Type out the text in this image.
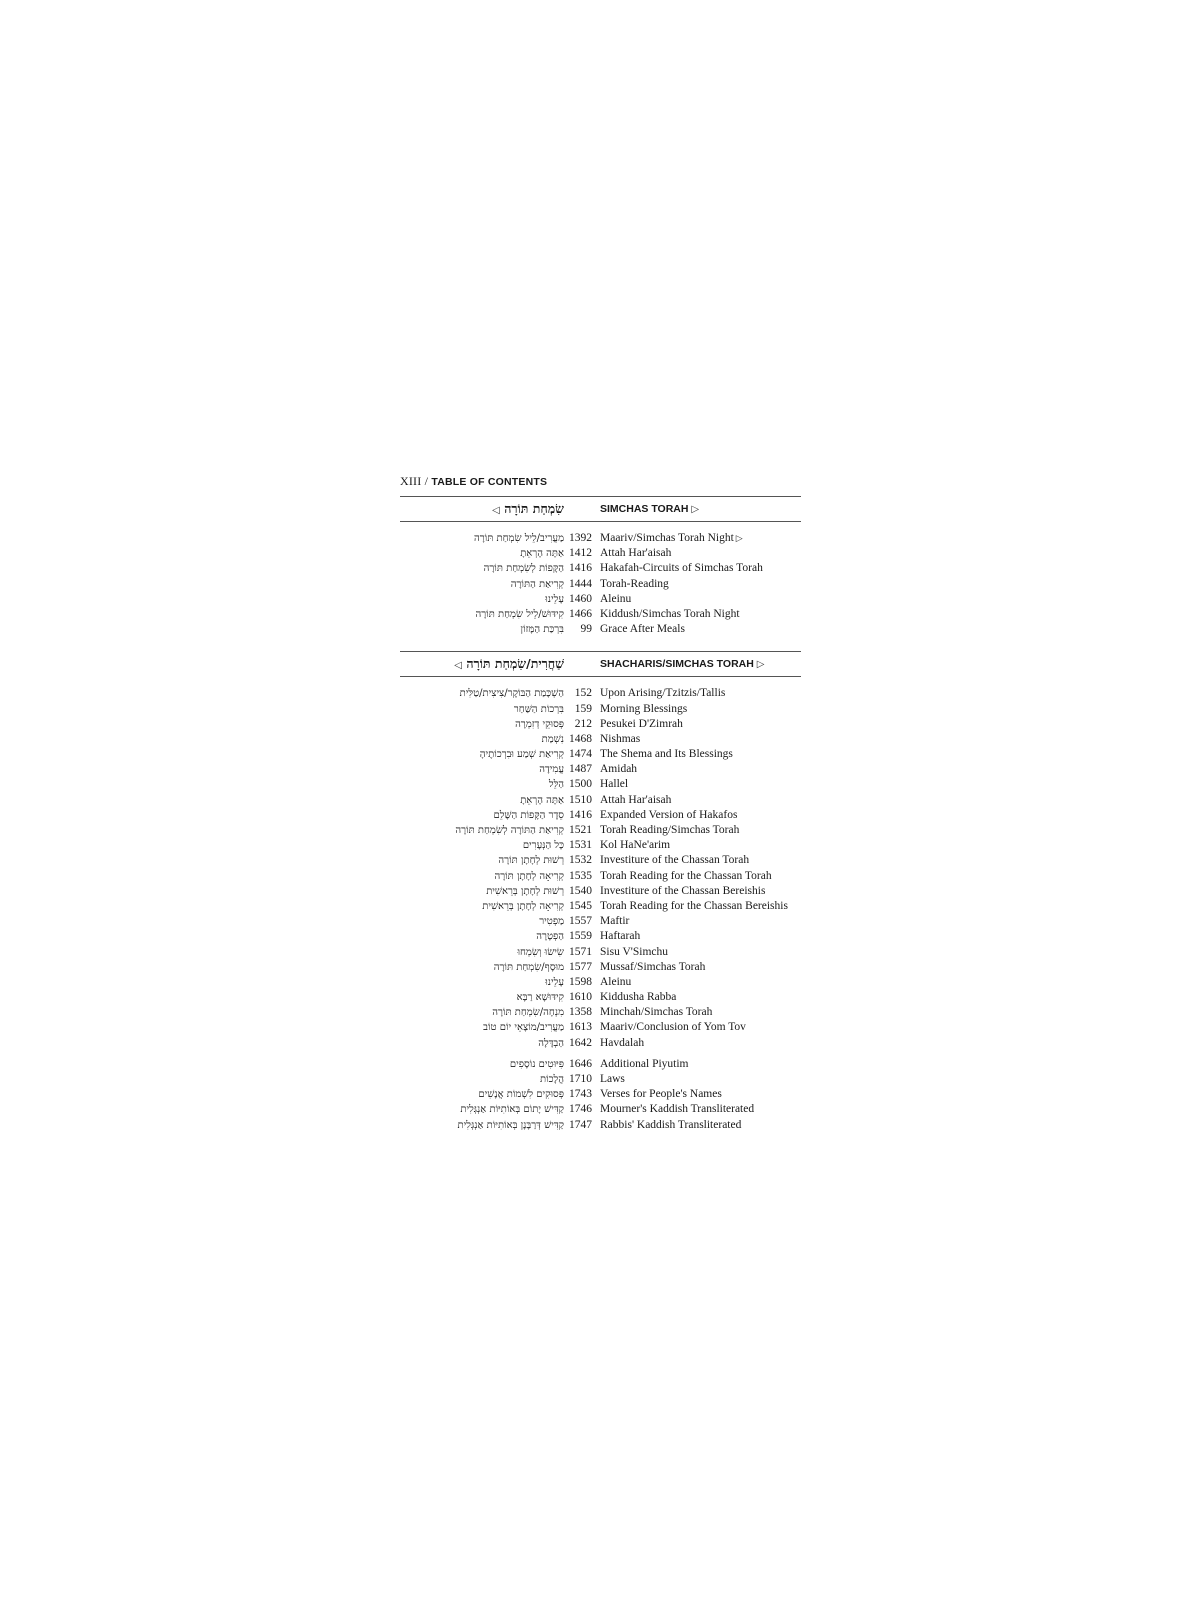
XIII / TABLE OF CONTENTS
שִׂמְחַת תּוֹרָה ◁	SIMCHAS TORAH ▷
מַעֲרִיב/לֵיל שִׂמְחַת תּוֹרָה 1392 Maariv/Simchas Torah Night ▷
אַתָּה הָרְאֵתָ 1412 Attah Har'aisah
הַקָּפוֹת לְשִׂמְחַת תּוֹרָה 1416 Hakafah-Circuits of Simchas Torah
קְרִיאַת הַתּוֹרָה 1444 Torah-Reading
עָלֵינוּ 1460 Aleinu
קִידּוּשׁ/לֵיל שִׂמְחַת תּוֹרָה 1466 Kiddush/Simchas Torah Night
בִּרְכַּת הַמָּזוֹן 99 Grace After Meals
שַׁחֲרִית/שִׂמְחַת תּוֹרָה ◁	SHACHARIS/SIMCHAS TORAH ▷
הַשְׁכָּמַת הַבּוֹקֶר/צִיצִית/טַלִּית 152 Upon Arising/Tzitzis/Tallis
בִּרְכוֹת הַשַּׁחַר 159 Morning Blessings
פְּסוּקֵי דְזִמְרָה 212 Pesukei D'Zimrah
נִשְׁמַת 1468 Nishmas
קְרִיאַת שְׁמַע וּבִרְכוֹתֶיהָ 1474 The Shema and Its Blessings
עֲמִידָה 1487 Amidah
הַלֵּל 1500 Hallel
אַתָּה הָרְאֵתָ 1510 Attah Har'aisah
סֵדֶר הַקָּפוֹת הַשָּׁלֵם 1416 Expanded Version of Hakafos
קְרִיאַת הַתּוֹרָה לְשִׂמְחַת תּוֹרָה 1521 Torah Reading/Simchas Torah
כָּל הַנְּעָרִים 1531 Kol HaNe'arim
רְשׁוּת לְחָתָן תּוֹרָה 1532 Investiture of the Chassan Torah
קְרִיאָה לְחָתָן תּוֹרָה 1535 Torah Reading for the Chassan Torah
רְשׁוּת לְחָתָן בְּרֵאשִׁית 1540 Investiture of the Chassan Bereishis
קְרִיאָה לְחָתָן בְּרֵאשִׁית 1545 Torah Reading for the Chassan Bereishis
מַפְטִיר 1557 Maftir
הַפְטָרָה 1559 Haftarah
שִׂישׂוּ וְשִׂמְחוּ 1571 Sisu V'Simchu
מוּסָף/שִׂמְחַת תּוֹרָה 1577 Mussaf/Simchas Torah
עָלֵינוּ 1598 Aleinu
קִידּוּשָׁא רַבָּא 1610 Kiddusha Rabba
מִנְחָה/שִׂמְחַת תּוֹרָה 1358 Minchah/Simchas Torah
מַעֲרִיב/מוֹצָאֵי יוֹם טוֹב 1613 Maariv/Conclusion of Yom Tov
הַבְדָּלָה 1642 Havdalah
פִּיּוּטִים נוֹסָפִים 1646 Additional Piyutim
הֲלָכוֹת 1710 Laws
פְּסוּקִים לִשְׁמוֹת אֲנָשִׁים 1743 Verses for People's Names
קַדִּישׁ יָתוֹם בְּאוֹתִיּוֹת אַנְגְּלִית 1746 Mourner's Kaddish Transliterated
קַדִּישׁ דְּרַבָּנָן בְּאוֹתִיּוֹת אַנְגְּלִית 1747 Rabbis' Kaddish Transliterated
